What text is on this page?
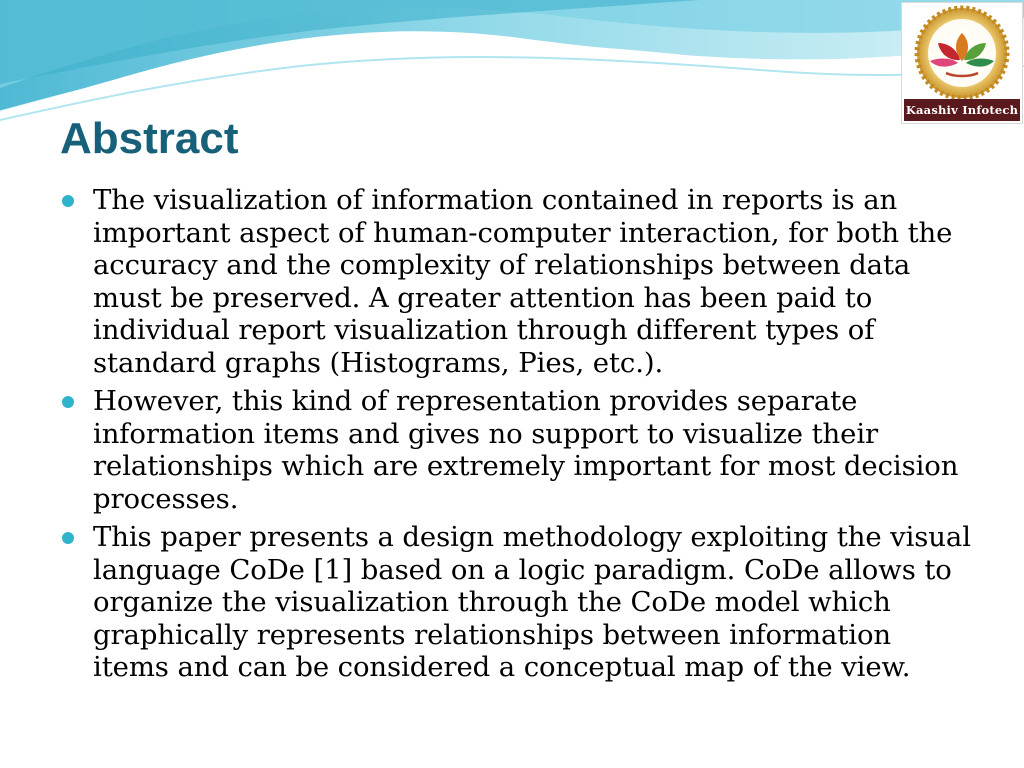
Kaashiv Infotech
Abstract
The visualization of information contained in reports is an important aspect of human-computer interaction, for both the accuracy and the complexity of relationships between data must be preserved. A greater attention has been paid to individual report visualization through different types of standard graphs (Histograms, Pies, etc.).
However, this kind of representation provides separate information items and gives no support to visualize their relationships which are extremely important for most decision processes.
This paper presents a design methodology exploiting the visual language CoDe [1] based on a logic paradigm. CoDe allows to organize the visualization through the CoDe model which graphically represents relationships between information items and can be considered a conceptual map of the view.
